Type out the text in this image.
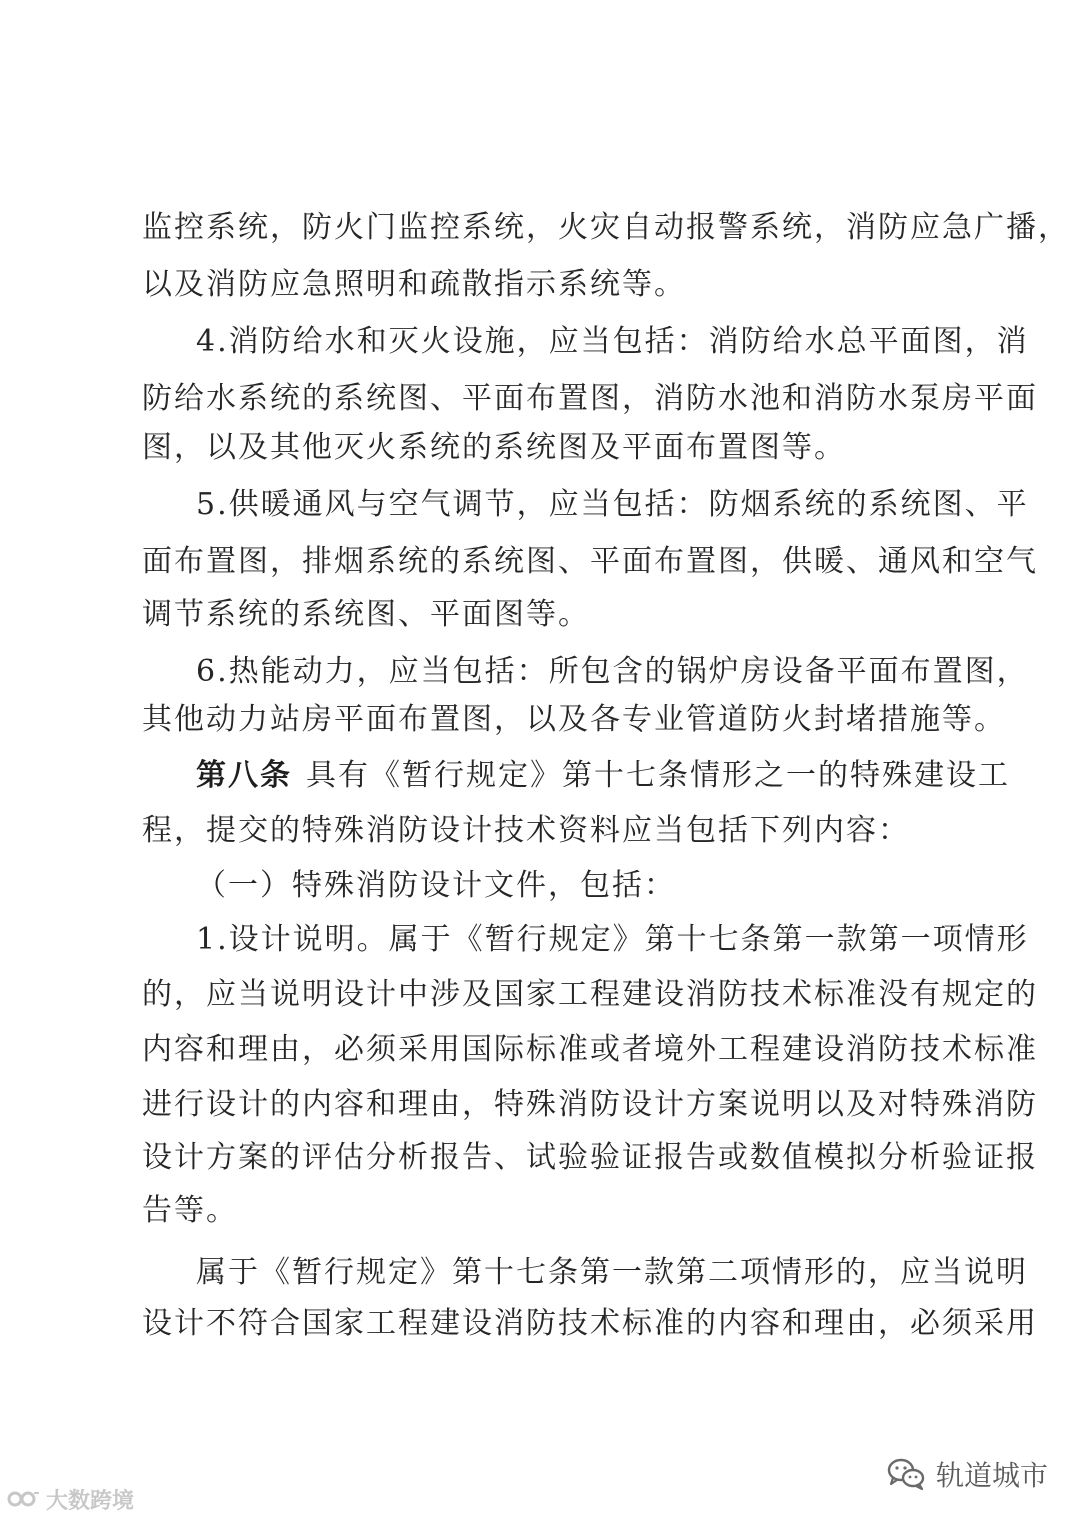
监控系统，防火门监控系统，火灾自动报警系统，消防应急广播，
以及消防应急照明和疏散指示系统等。
4.消防给水和灭火设施，应当包括：消防给水总平面图，消
防给水系统的系统图、平面布置图，消防水池和消防水泵房平面
图，以及其他灭火系统的系统图及平面布置图等。
5.供暖通风与空气调节，应当包括：防烟系统的系统图、平
面布置图，排烟系统的系统图、平面布置图，供暖、通风和空气
调节系统的系统图、平面图等。
6.热能动力，应当包括：所包含的锅炉房设备平面布置图，
其他动力站房平面布置图，以及各专业管道防火封堵措施等。
第八条 具有《暂行规定》第十七条情形之一的特殊建设工
程，提交的特殊消防设计技术资料应当包括下列内容：
（一）特殊消防设计文件，包括：
1.设计说明。属于《暂行规定》第十七条第一款第一项情形
的，应当说明设计中涉及国家工程建设消防技术标准没有规定的
内容和理由，必须采用国际标准或者境外工程建设消防技术标准
进行设计的内容和理由，特殊消防设计方案说明以及对特殊消防
设计方案的评估分析报告、试验验证报告或数值模拟分析验证报
告等。
属于《暂行规定》第十七条第一款第二项情形的，应当说明
设计不符合国家工程建设消防技术标准的内容和理由，必须采用
大数跨境
轨道城市
